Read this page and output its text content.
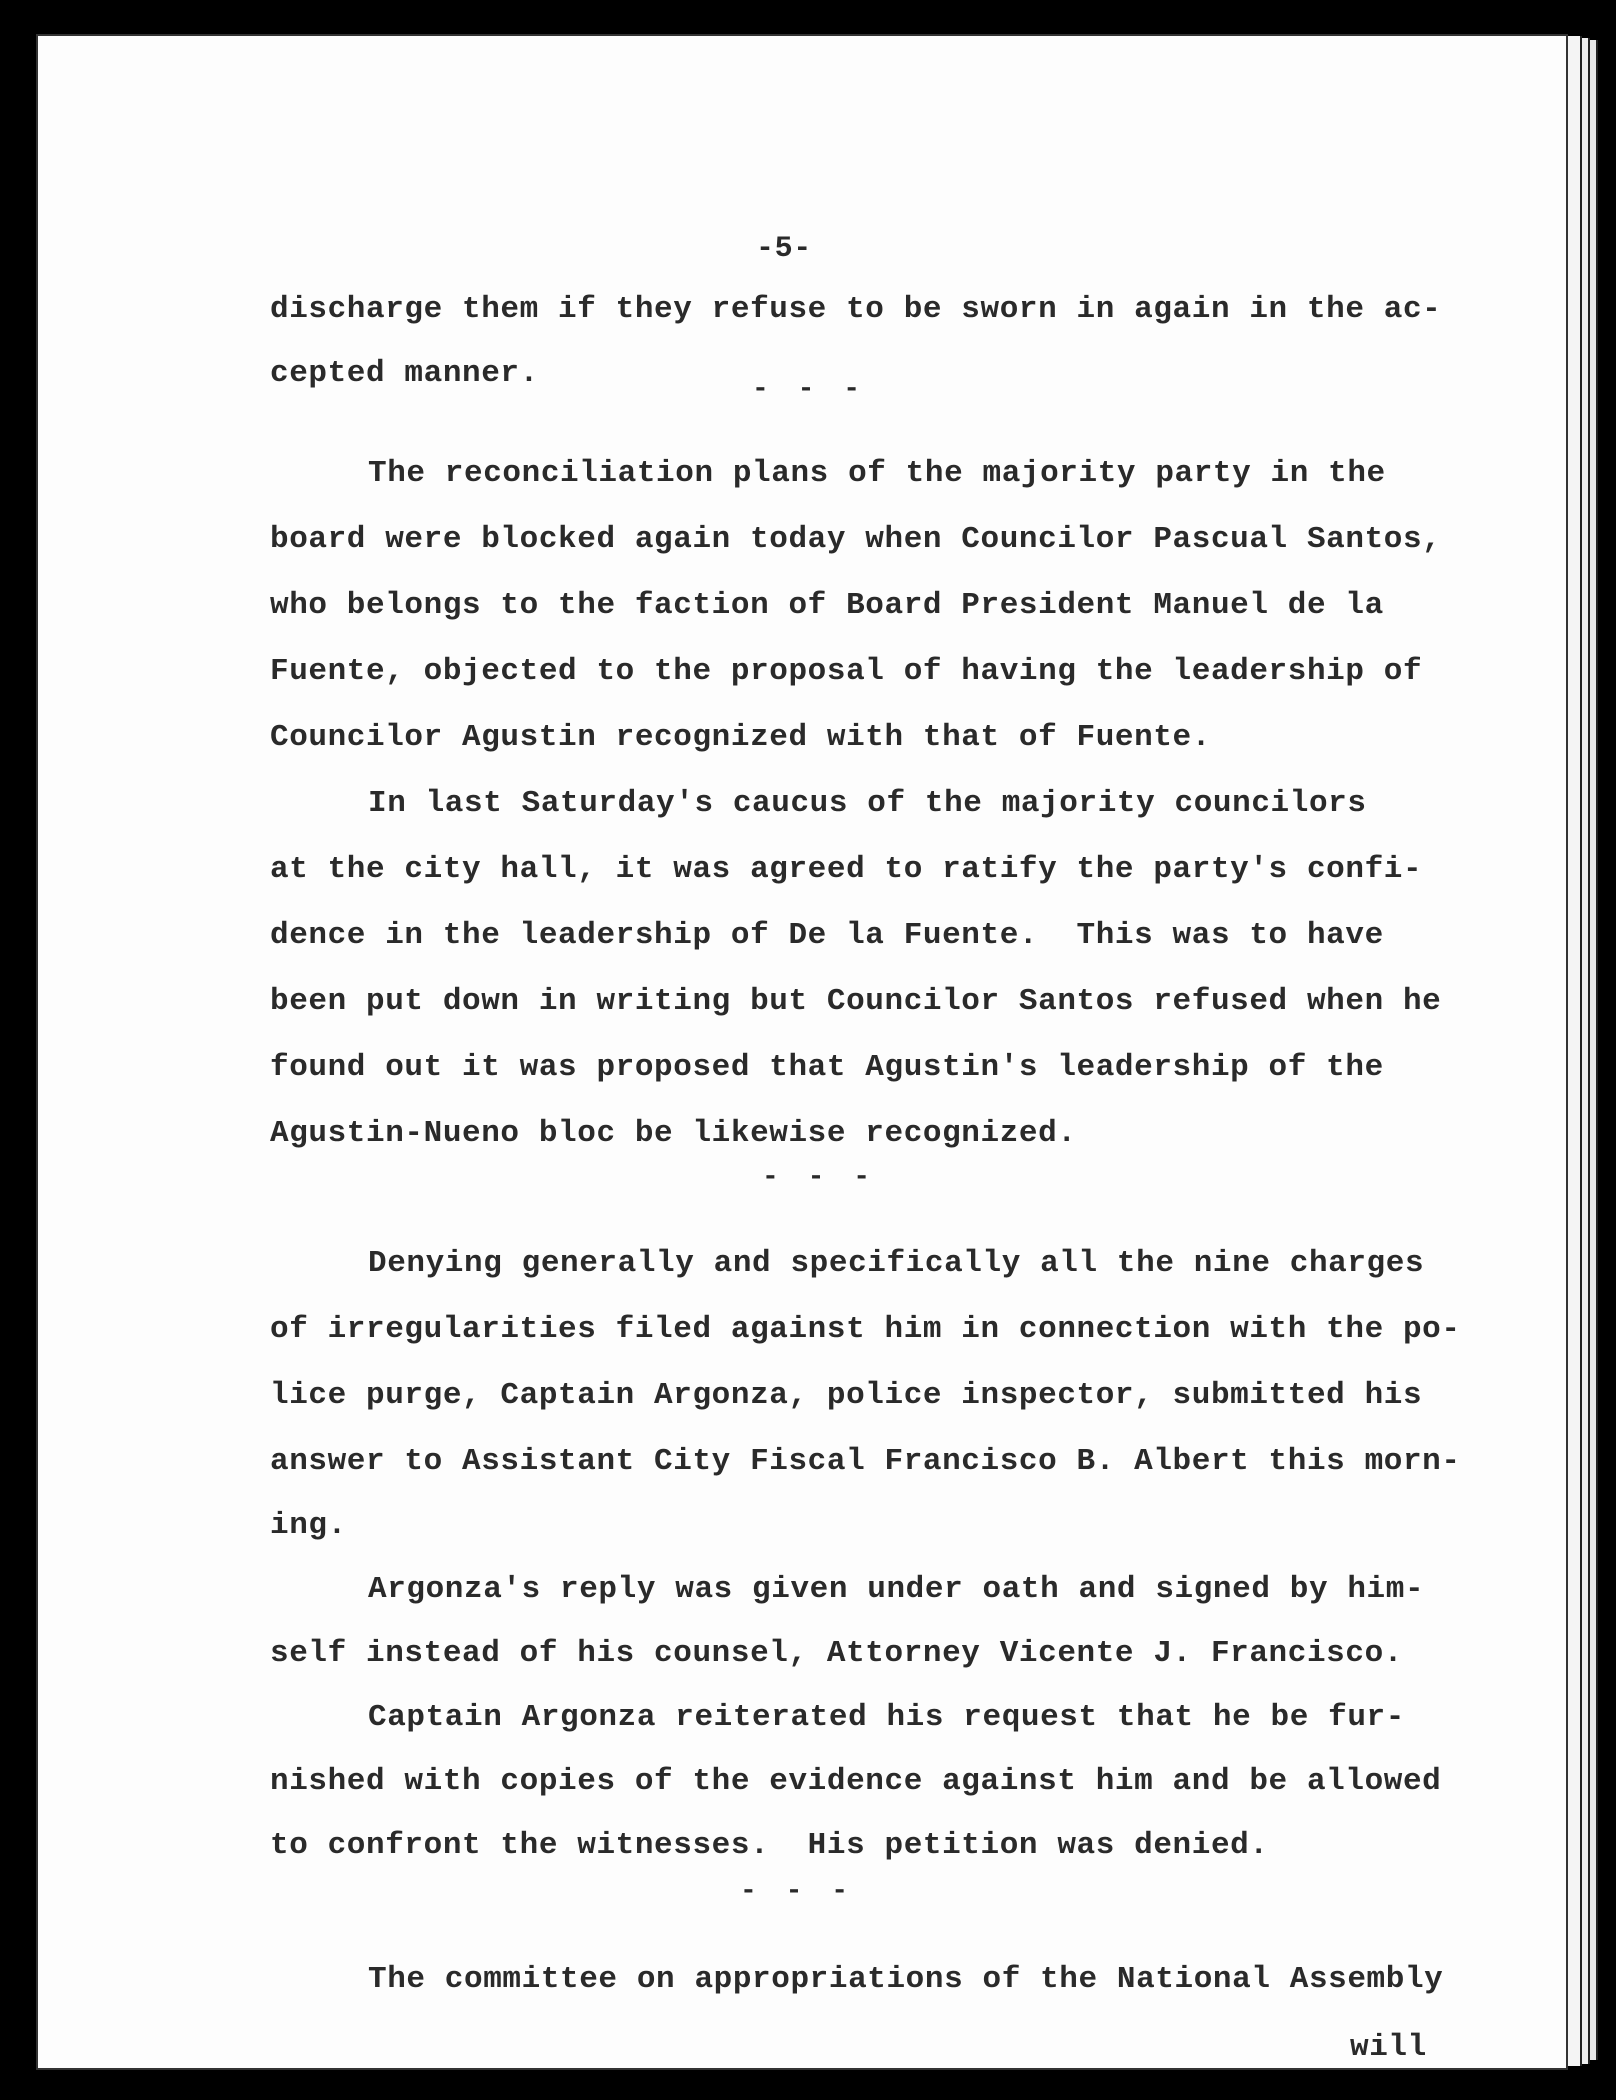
-5-
discharge them if they refuse to be sworn in again in the ac-
cepted manner.	- - -
The reconciliation plans of the majority party in the
board were blocked again today when Councilor Pascual Santos,
who belongs to the faction of Board President Manuel de la
Fuente, objected to the proposal of having the leadership of
Councilor Agustin recognized with that of Fuente.
In last Saturday's caucus of the majority councilors
at the city hall, it was agreed to ratify the party's confi-
dence in the leadership of De la Fuente.  This was to have
been put down in writing but Councilor Santos refused when he
found out it was proposed that Agustin's leadership of the
Agustin-Nueno bloc be likewise recognized.
- - -
Denying generally and specifically all the nine charges
of irregularities filed against him in connection with the po-
lice purge, Captain Argonza, police inspector, submitted his
answer to Assistant City Fiscal Francisco B. Albert this morn-
ing.
Argonza's reply was given under oath and signed by him-
self instead of his counsel, Attorney Vicente J. Francisco.
Captain Argonza reiterated his request that he be fur-
nished with copies of the evidence against him and be allowed
to confront the witnesses.  His petition was denied.
- - -
The committee on appropriations of the National Assembly
will
